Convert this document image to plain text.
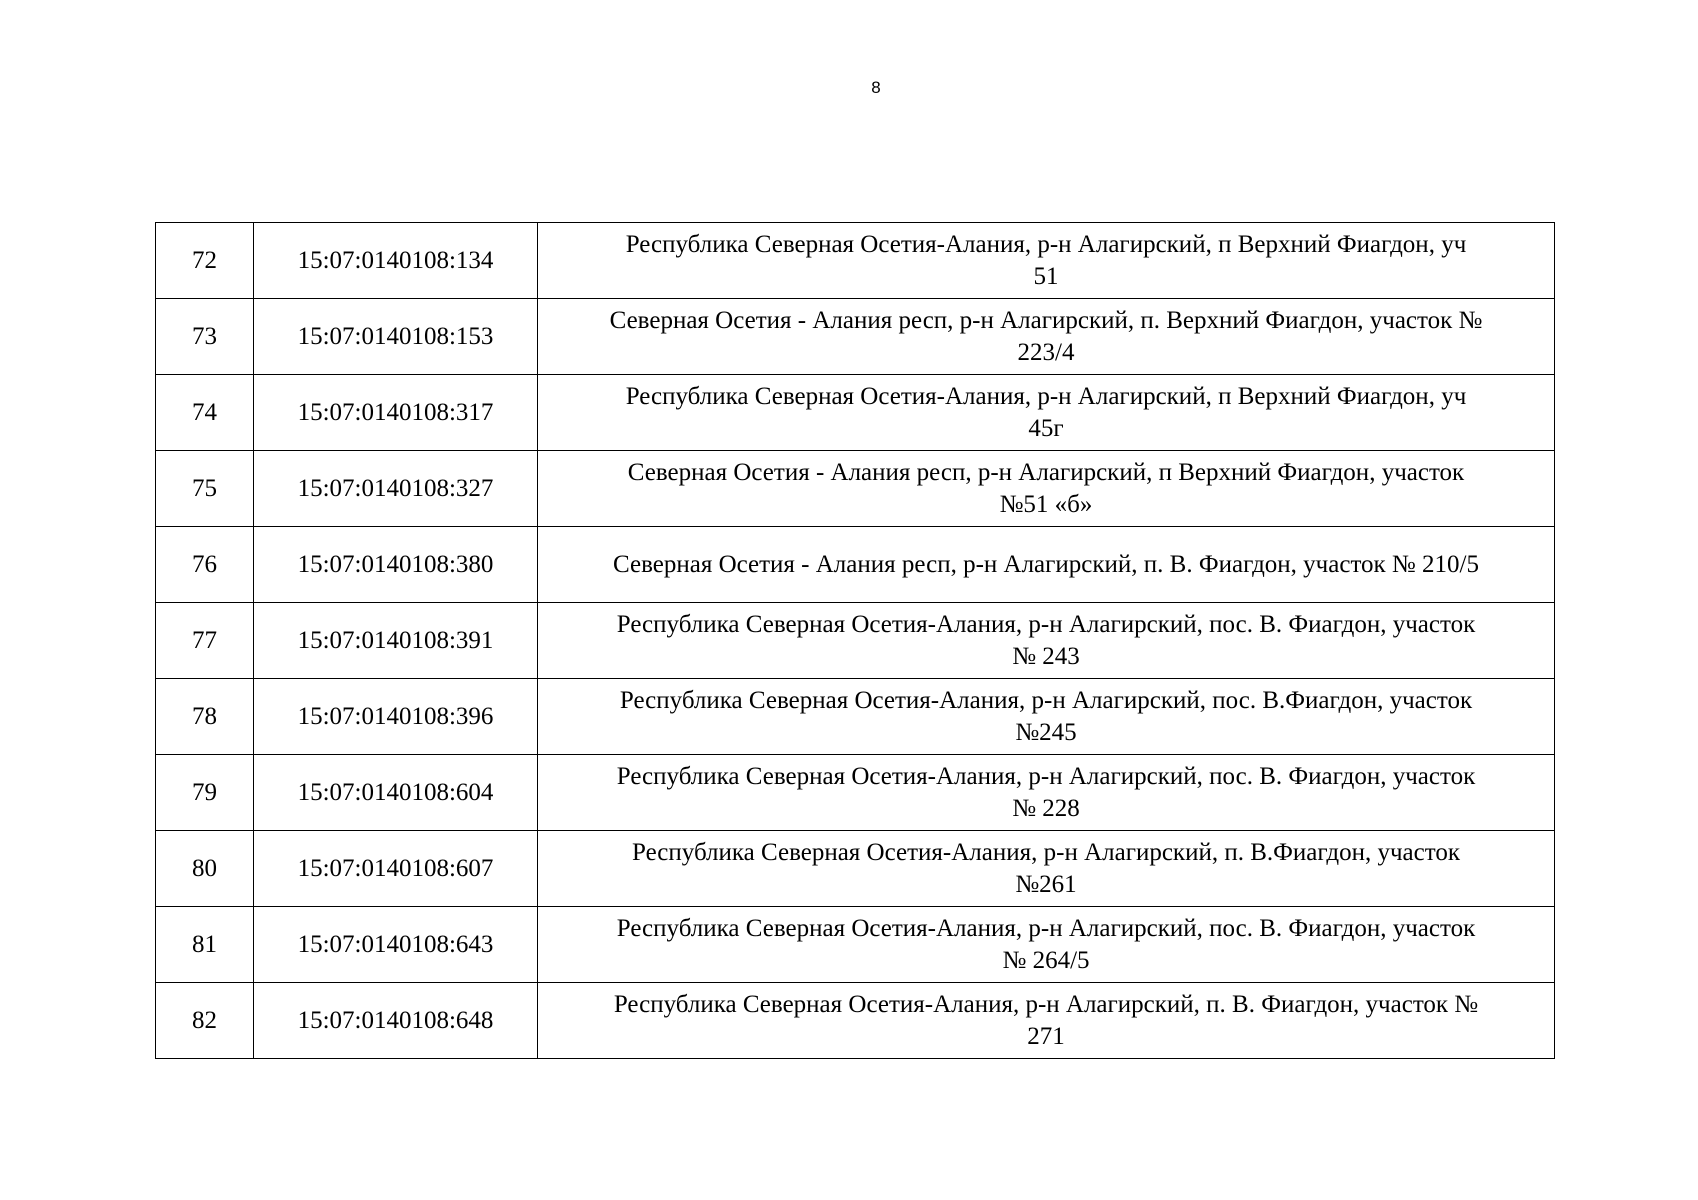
8
72	15:07:0140108:134	Республика Северная Осетия-Алания, р-н Алагирский, п Верхний Фиагдон, уч
51
73	15:07:0140108:153	Северная Осетия - Алания респ, р-н Алагирский, п. Верхний Фиагдон, участок №
223/4
74	15:07:0140108:317	Республика Северная Осетия-Алания, р-н Алагирский, п Верхний Фиагдон, уч
45г
75	15:07:0140108:327	Северная Осетия - Алания респ, р-н Алагирский, п Верхний Фиагдон, участок
№51 «б»
76	15:07:0140108:380	Северная Осетия - Алания респ, р-н Алагирский, п. В. Фиагдон, участок № 210/5
77	15:07:0140108:391	Республика Северная Осетия-Алания, р-н Алагирский, пос. В. Фиагдон, участок
№ 243
78	15:07:0140108:396	Республика Северная Осетия-Алания, р-н Алагирский, пос. В.Фиагдон, участок
№245
79	15:07:0140108:604	Республика Северная Осетия-Алания, р-н Алагирский, пос. В. Фиагдон, участок
№ 228
80	15:07:0140108:607	Республика Северная Осетия-Алания, р-н Алагирский, п. В.Фиагдон, участок
№261
81	15:07:0140108:643	Республика Северная Осетия-Алания, р-н Алагирский, пос. В. Фиагдон, участок
№ 264/5
82	15:07:0140108:648	Республика Северная Осетия-Алания, р-н Алагирский, п. В. Фиагдон, участок №
271
